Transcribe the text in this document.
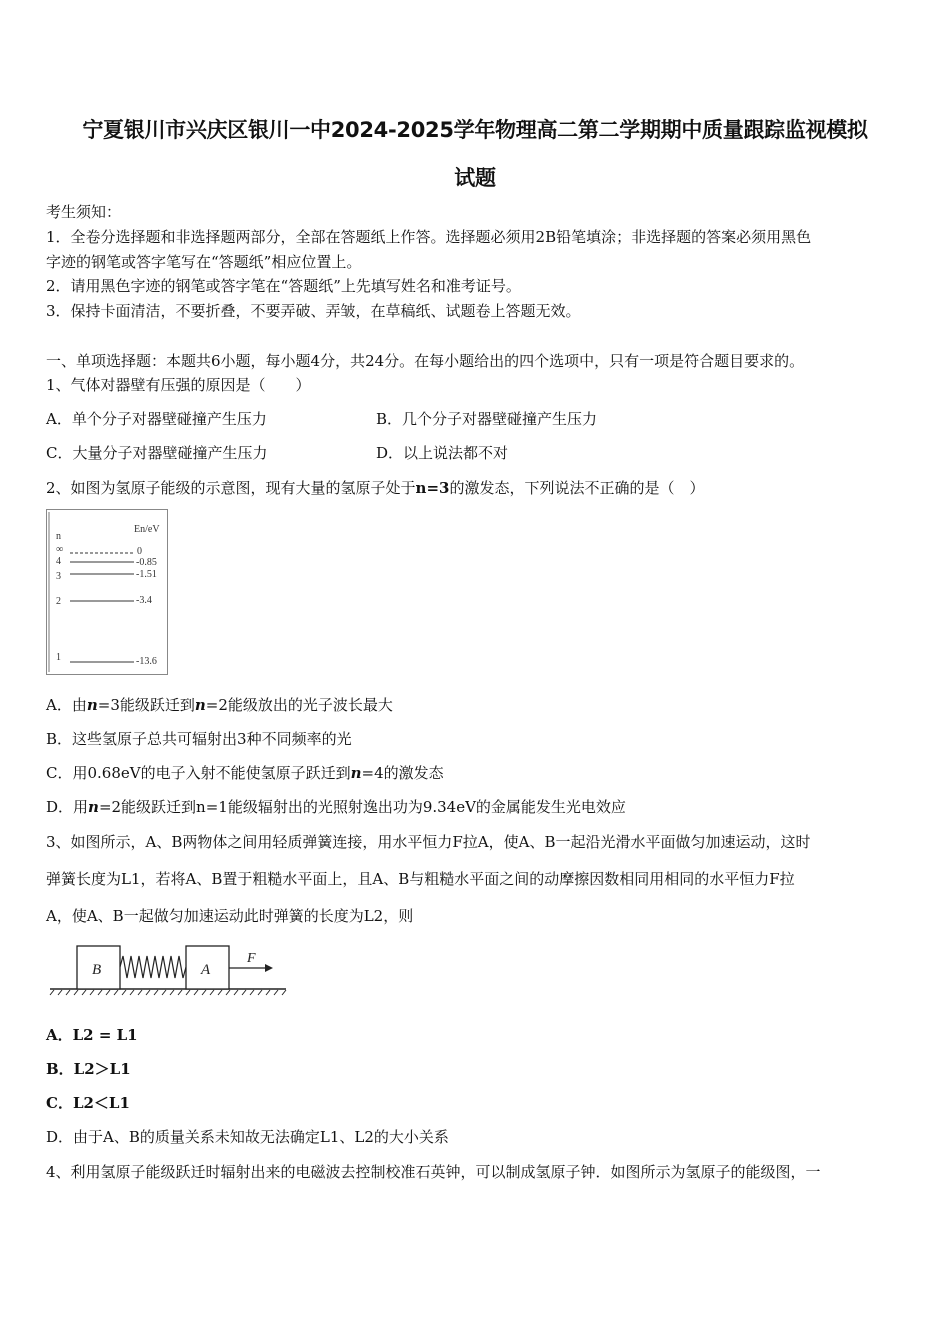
宁夏银川市兴庆区银川一中2024-2025学年物理高二第二学期期中质量跟踪监视模拟
试题
考生须知：
1．全卷分选择题和非选择题两部分，全部在答题纸上作答。选择题必须用2B铅笔填涂；非选择题的答案必须用黑色
字迹的钢笔或答字笔写在“答题纸”相应位置上。
2．请用黑色字迹的钢笔或答字笔在“答题纸”上先填写姓名和准考证号。
3．保持卡面清洁，不要折叠，不要弄破、弄皱，在草稿纸、试题卷上答题无效。
一、单项选择题：本题共6小题，每小题4分，共24分。在每小题给出的四个选项中，只有一项是符合题目要求的。
1、气体对器壁有压强的原因是（　　）
A．单个分子对器壁碰撞产生压力	B．几个分子对器壁碰撞产生压力
C．大量分子对器壁碰撞产生压力	D．以上说法都不对
2、如图为氢原子能级的示意图，现有大量的氢原子处于n=3的激发态，下列说法不正确的是（　）
n
En/eV
∞	0
4	-0.85
3	-1.51
2	-3.4
1	-13.6
A．由n=3能级跃迁到n=2能级放出的光子波长最大
B．这些氢原子总共可辐射出3种不同频率的光
C．用0.68eV的电子入射不能使氢原子跃迁到n=4的激发态
D．用n=2能级跃迁到n=1能级辐射出的光照射逸出功为9.34eV的金属能发生光电效应
3、如图所示，A、B两物体之间用轻质弹簧连接，用水平恒力F拉A，使A、B一起沿光滑水平面做匀加速运动，这时
弹簧长度为L1，若将A、B置于粗糙水平面上，且A、B与粗糙水平面之间的动摩擦因数相同用相同的水平恒力F拉
A，使A、B一起做匀加速运动此时弹簧的长度为L2，则
B	A
F
A．L2 = L1
B．L2＞L1
C．L2＜L1
D．由于A、B的质量关系未知故无法确定L1、L2的大小关系
4、利用氢原子能级跃迁时辐射出来的电磁波去控制校准石英钟，可以制成氢原子钟．如图所示为氢原子的能级图，一
